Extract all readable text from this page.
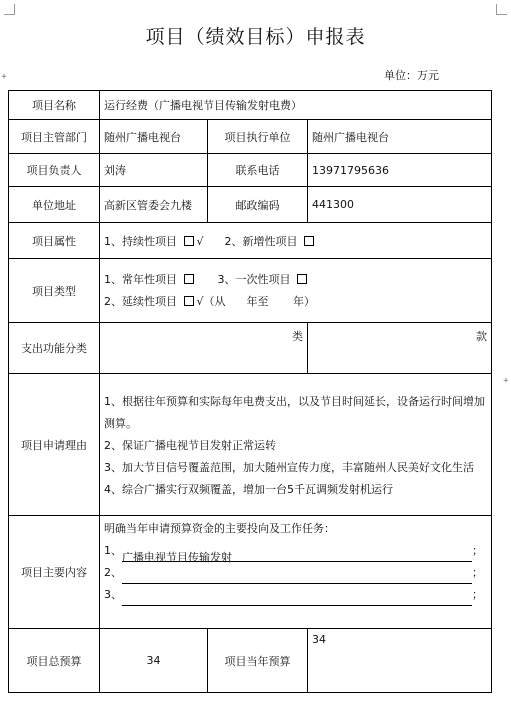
+
+
项目（绩效目标）申报表
单位：万元
项目名称	运行经费（广播电视节目传输发射电费）		
项目主管部门	随州广播电视台	项目执行单位	随州广播电视台
项目负责人	刘涛	联系电话	13971795636
单位地址	高新区管委会九楼	邮政编码	441300
项目属性	1、持续性项目 √ 2、新增性项目		
项目类型	1、常年性项目 3、一次性项目
2、延续性项目 √（从 年至 年）		

支出功能分类	类		款
项目申请理由	1、根据往年预算和实际每年电费支出，以及节目时间延长，设备运行时间增加测算。
2、保证广播电视节目发射正常运转
3、加大节目信号覆盖范围，加大随州宣传力度，丰富随州人民美好文化生活
4、综合广播实行双频覆盖，增加一台5千瓦调频发射机运行		

项目主要内容	明确当年申请预算资金的主要投向及工作任务：
1、广播电视节目传输发射；
2、 ；
3、 ；		

项目总预算	34	项目当年预算	34
